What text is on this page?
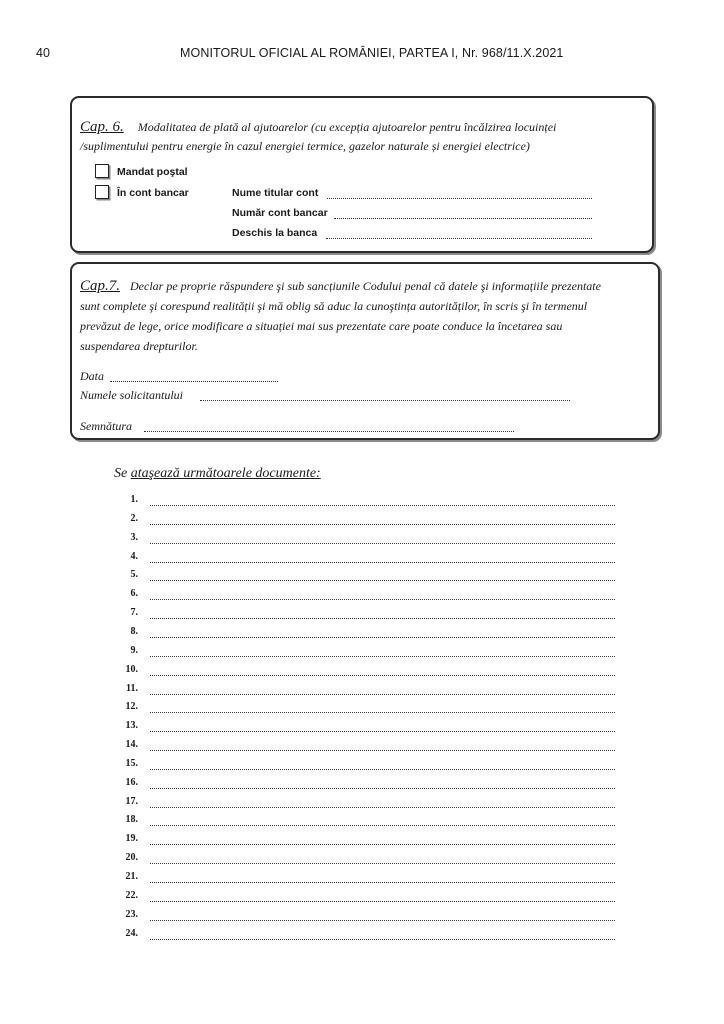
40	MONITORUL OFICIAL AL ROMÂNIEI, PARTEA I, Nr. 968/11.X.2021
Cap. 6. Modalitatea de plată al ajutoarelor (cu excepția ajutoarelor pentru încălzirea locuinței
/suplimentului pentru energie în cazul energiei termice, gazelor naturale și energiei electrice)
Mandat poştal
În cont bancar	Nume titular cont
Număr cont bancar
Deschis la banca
Cap.7. Declar pe proprie răspundere şi sub sancțiunile Codului penal că datele şi informațiile prezentate
sunt complete şi corespund realității şi mă oblig să aduc la cunoştința autorităților, în scris şi în termenul
prevăzut de lege, orice modificare a situației mai sus prezentate care poate conduce la încetarea sau
suspendarea drepturilor.
Data
Numele solicitantului
Semnătura
Se ataşează următoarele documente:
1.
2.
3.
4.
5.
6.
7.
8.
9.
10.
11.
12.
13.
14.
15.
16.
17.
18.
19.
20.
21.
22.
23.
24.
